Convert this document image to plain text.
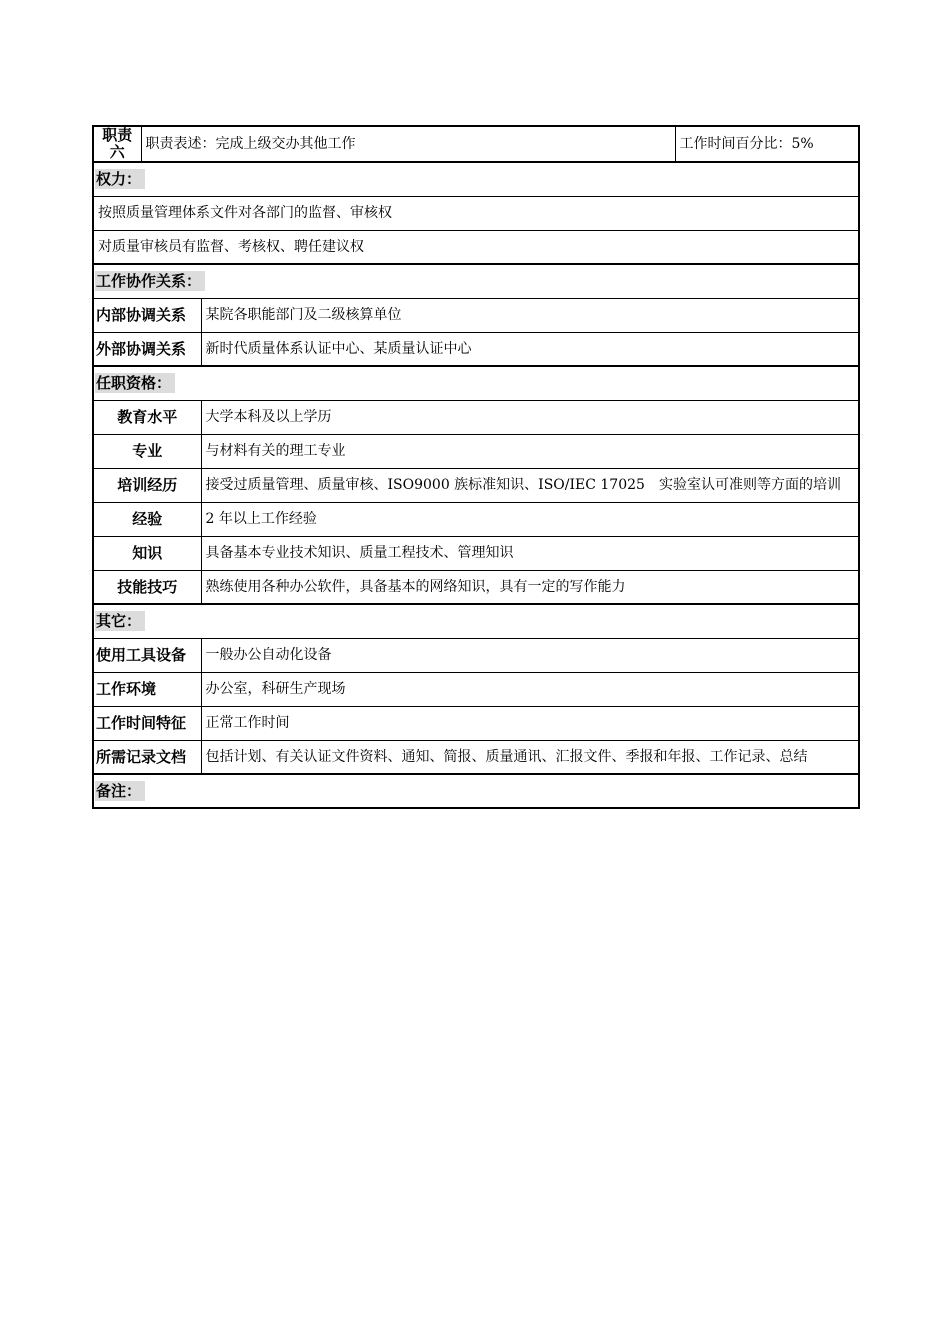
职责六	职责表述：完成上级交办其他工作		工作时间百分比：5%
权力：			
按照质量管理体系文件对各部门的监督、审核权			
对质量审核员有监督、考核权、聘任建议权			
工作协作关系：			
内部协调关系		某院各职能部门及二级核算单位	
外部协调关系		新时代质量体系认证中心、某质量认证中心	
任职资格：			
教育水平		大学本科及以上学历	
专业		与材料有关的理工专业	
培训经历		接受过质量管理、质量审核、ISO9000 族标准知识、ISO/IEC 17025　实验室认可准则等方面的培训	
经验		2 年以上工作经验	
知识		具备基本专业技术知识、质量工程技术、管理知识	
技能技巧		熟练使用各种办公软件，具备基本的网络知识，具有一定的写作能力	
其它：			
使用工具设备		一般办公自动化设备	
工作环境		办公室，科研生产现场	
工作时间特征		正常工作时间	
所需记录文档		包括计划、有关认证文件资料、通知、简报、质量通讯、汇报文件、季报和年报、工作记录、总结	
备注：			
